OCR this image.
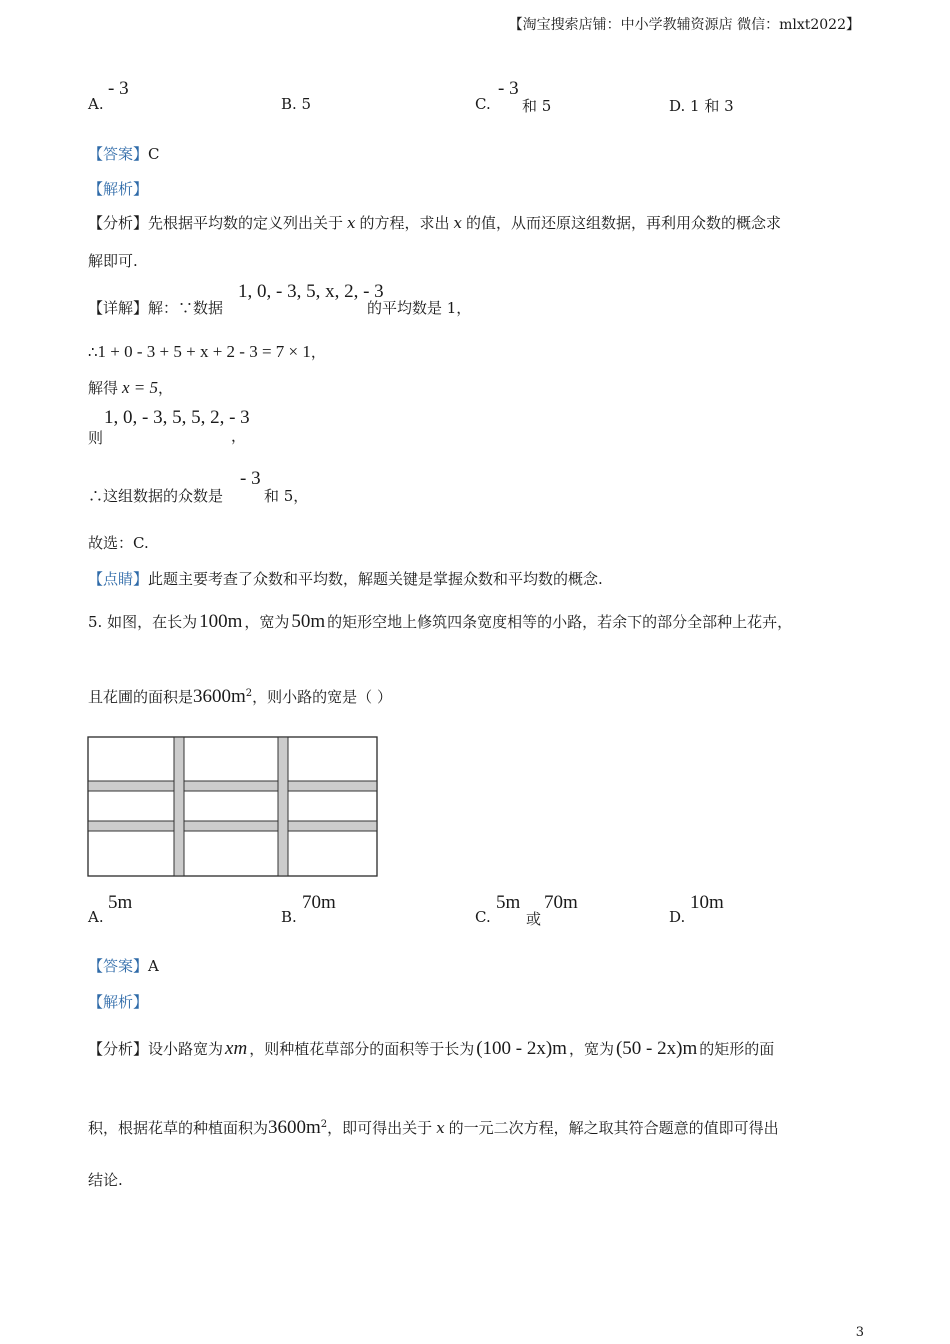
【淘宝搜索店铺：中小学教辅资源店 微信：mlxt2022】
A.
- 3
B. 5	C.
- 3
和 5	D. 1 和 3
【答案】C
【解析】
【分析】先根据平均数的定义列出关于 x 的方程，求出 x 的值，从而还原这组数据，再利用众数的概念求
解即可.
【详解】解：∵数据
1, 0, - 3, 5, x, 2, - 3
的平均数是 1，
∴1 + 0 - 3 + 5 + x + 2 - 3 = 7 × 1，
解得 x = 5，
1, 0, - 3, 5, 5, 2, - 3
则	，
∴这组数据的众数是
- 3
和 5，
故选：C.
【点睛】此题主要考查了众数和平均数，解题关键是掌握众数和平均数的概念.
5. 如图，在长为 100m ，宽为 50m 的矩形空地上修筑四条宽度相等的小路，若余下的部分全部种上花卉，
且花圃的面积是$3600m^2$，则小路的宽是（ ）
A.
5m
B.
70m
C.
5m
或
70m
D.
10m
【答案】A
【解析】
【分析】设小路宽为 xm ，则种植花草部分的面积等于长为 (100 - 2x)m ，宽为 (50 - 2x)m 的矩形的面
积，根据花草的种植面积为$3600m^2$，即可得出关于 x 的一元二次方程，解之取其符合题意的值即可得出
结论.
3
